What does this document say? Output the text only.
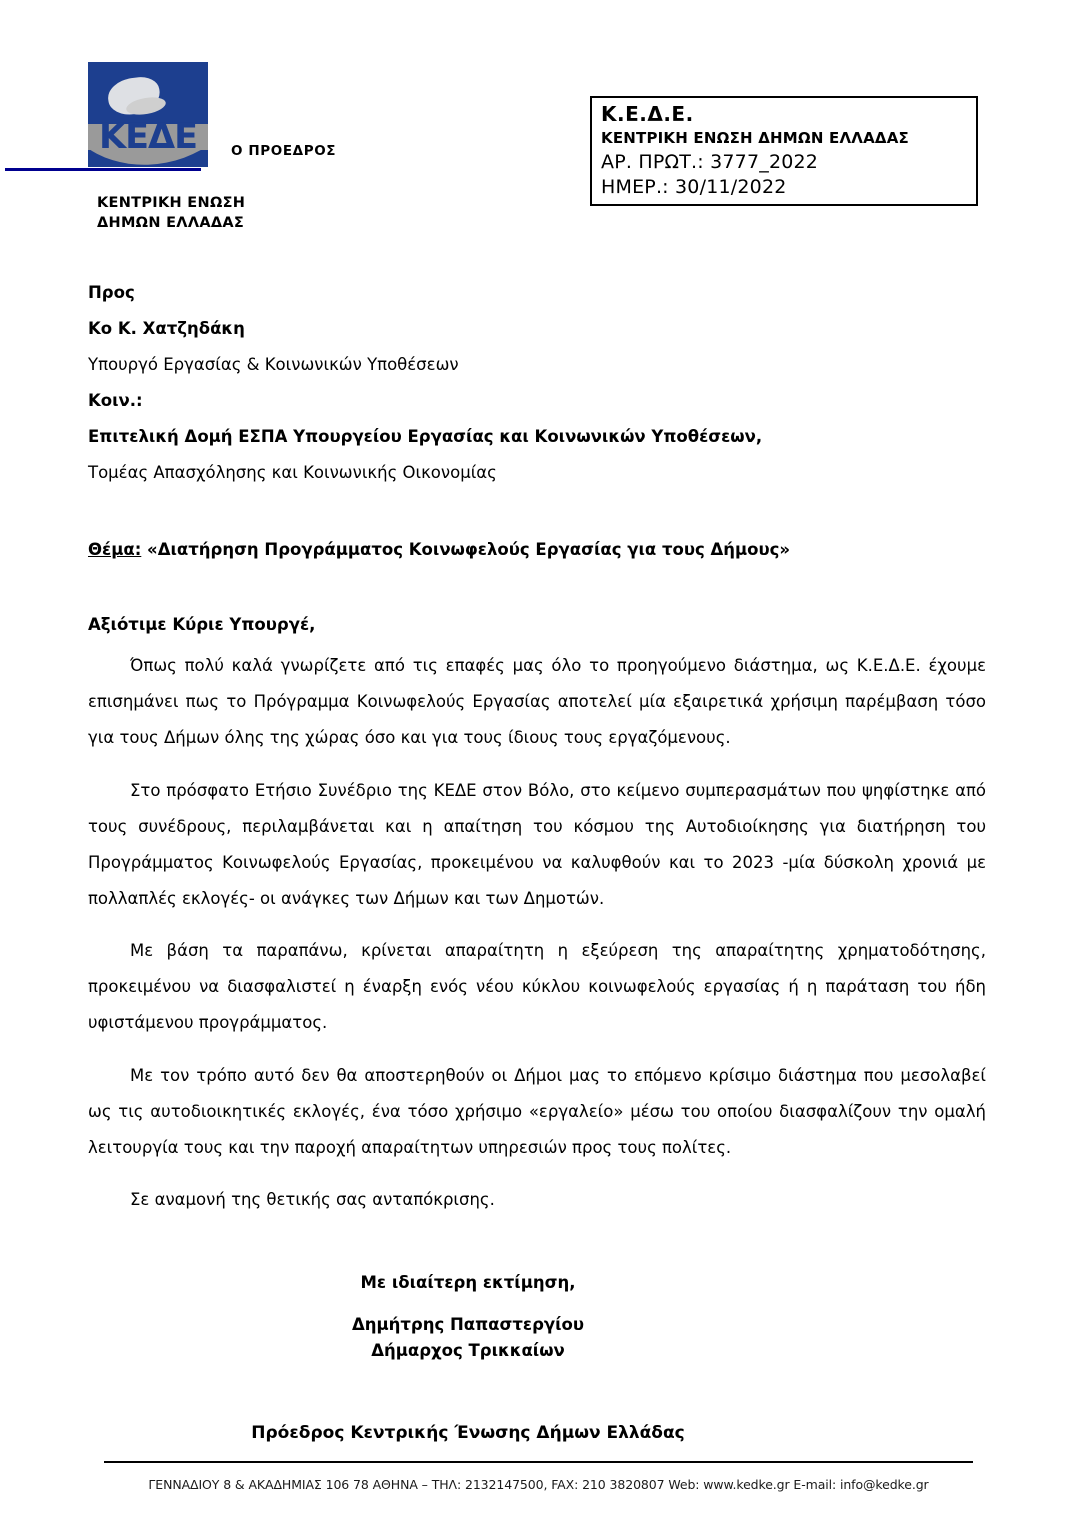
ΚΕΔΕ	Ο ΠΡΟΕΔΡΟΣ
ΚΕΝΤΡΙΚΗ ΕΝΩΣΗ
ΔΗΜΩΝ ΕΛΛΑΔΑΣ
Κ.Ε.Δ.Ε.
ΚΕΝΤΡΙΚΗ ΕΝΩΣΗ ΔΗΜΩΝ ΕΛΛΑΔΑΣ
ΑΡ. ΠΡΩΤ.: 3777_2022
ΗΜΕΡ.: 30/11/2022
Προς
Κο Κ. Χατζηδάκη
Υπουργό Εργασίας & Κοινωνικών Υποθέσεων
Κοιν.:
Επιτελική Δομή ΕΣΠΑ Υπουργείου Εργασίας και Κοινωνικών Υποθέσεων,
Τομέας Απασχόλησης και Κοινωνικής Οικονομίας
Θέμα: «Διατήρηση Προγράμματος Κοινωφελούς Εργασίας για τους Δήμους»
Αξιότιμε Κύριε Υπουργέ,

Όπως πολύ καλά γνωρίζετε από τις επαφές μας όλο το προηγούμενο διάστημα, ως Κ.Ε.Δ.Ε. έχουμε επισημάνει πως το Πρόγραμμα Κοινωφελούς Εργασίας αποτελεί μία εξαιρετικά χρήσιμη παρέμβαση τόσο για τους Δήμων όλης της χώρας όσο και για τους ίδιους τους εργαζόμενους.

Στο πρόσφατο Ετήσιο Συνέδριο της ΚΕΔΕ στον Βόλο, στο κείμενο συμπερασμάτων που ψηφίστηκε από τους συνέδρους, περιλαμβάνεται και η απαίτηση του κόσμου της Αυτοδιοίκησης για διατήρηση του Προγράμματος Κοινωφελούς Εργασίας, προκειμένου να καλυφθούν και το 2023 -μία δύσκολη χρονιά με πολλαπλές εκλογές- οι ανάγκες των Δήμων και των Δημοτών.

Με βάση τα παραπάνω, κρίνεται απαραίτητη η εξεύρεση της απαραίτητης χρηματοδότησης, προκειμένου να διασφαλιστεί η έναρξη ενός νέου κύκλου κοινωφελούς εργασίας ή η παράταση του ήδη υφιστάμενου προγράμματος.

Με τον τρόπο αυτό δεν θα αποστερηθούν οι Δήμοι μας το επόμενο κρίσιμο διάστημα που μεσολαβεί ως τις αυτοδιοικητικές εκλογές, ένα τόσο χρήσιμο «εργαλείο» μέσω του οποίου διασφαλίζουν την ομαλή λειτουργία τους και την παροχή απαραίτητων υπηρεσιών προς τους πολίτες.

Σε αναμονή της θετικής σας ανταπόκρισης.

Με ιδιαίτερη εκτίμηση,
Δημήτρης Παπαστεργίου
Δήμαρχος Τρικκαίων
Πρόεδρος Κεντρικής Ένωσης Δήμων Ελλάδας
ΓΕΝΝΑΔΙΟΥ 8 & ΑΚΑΔΗΜΙΑΣ 106 78 ΑΘΗΝΑ – ΤΗΛ: 2132147500, FAX: 210 3820807 Web: www.kedke.gr E-mail: info@kedke.gr
